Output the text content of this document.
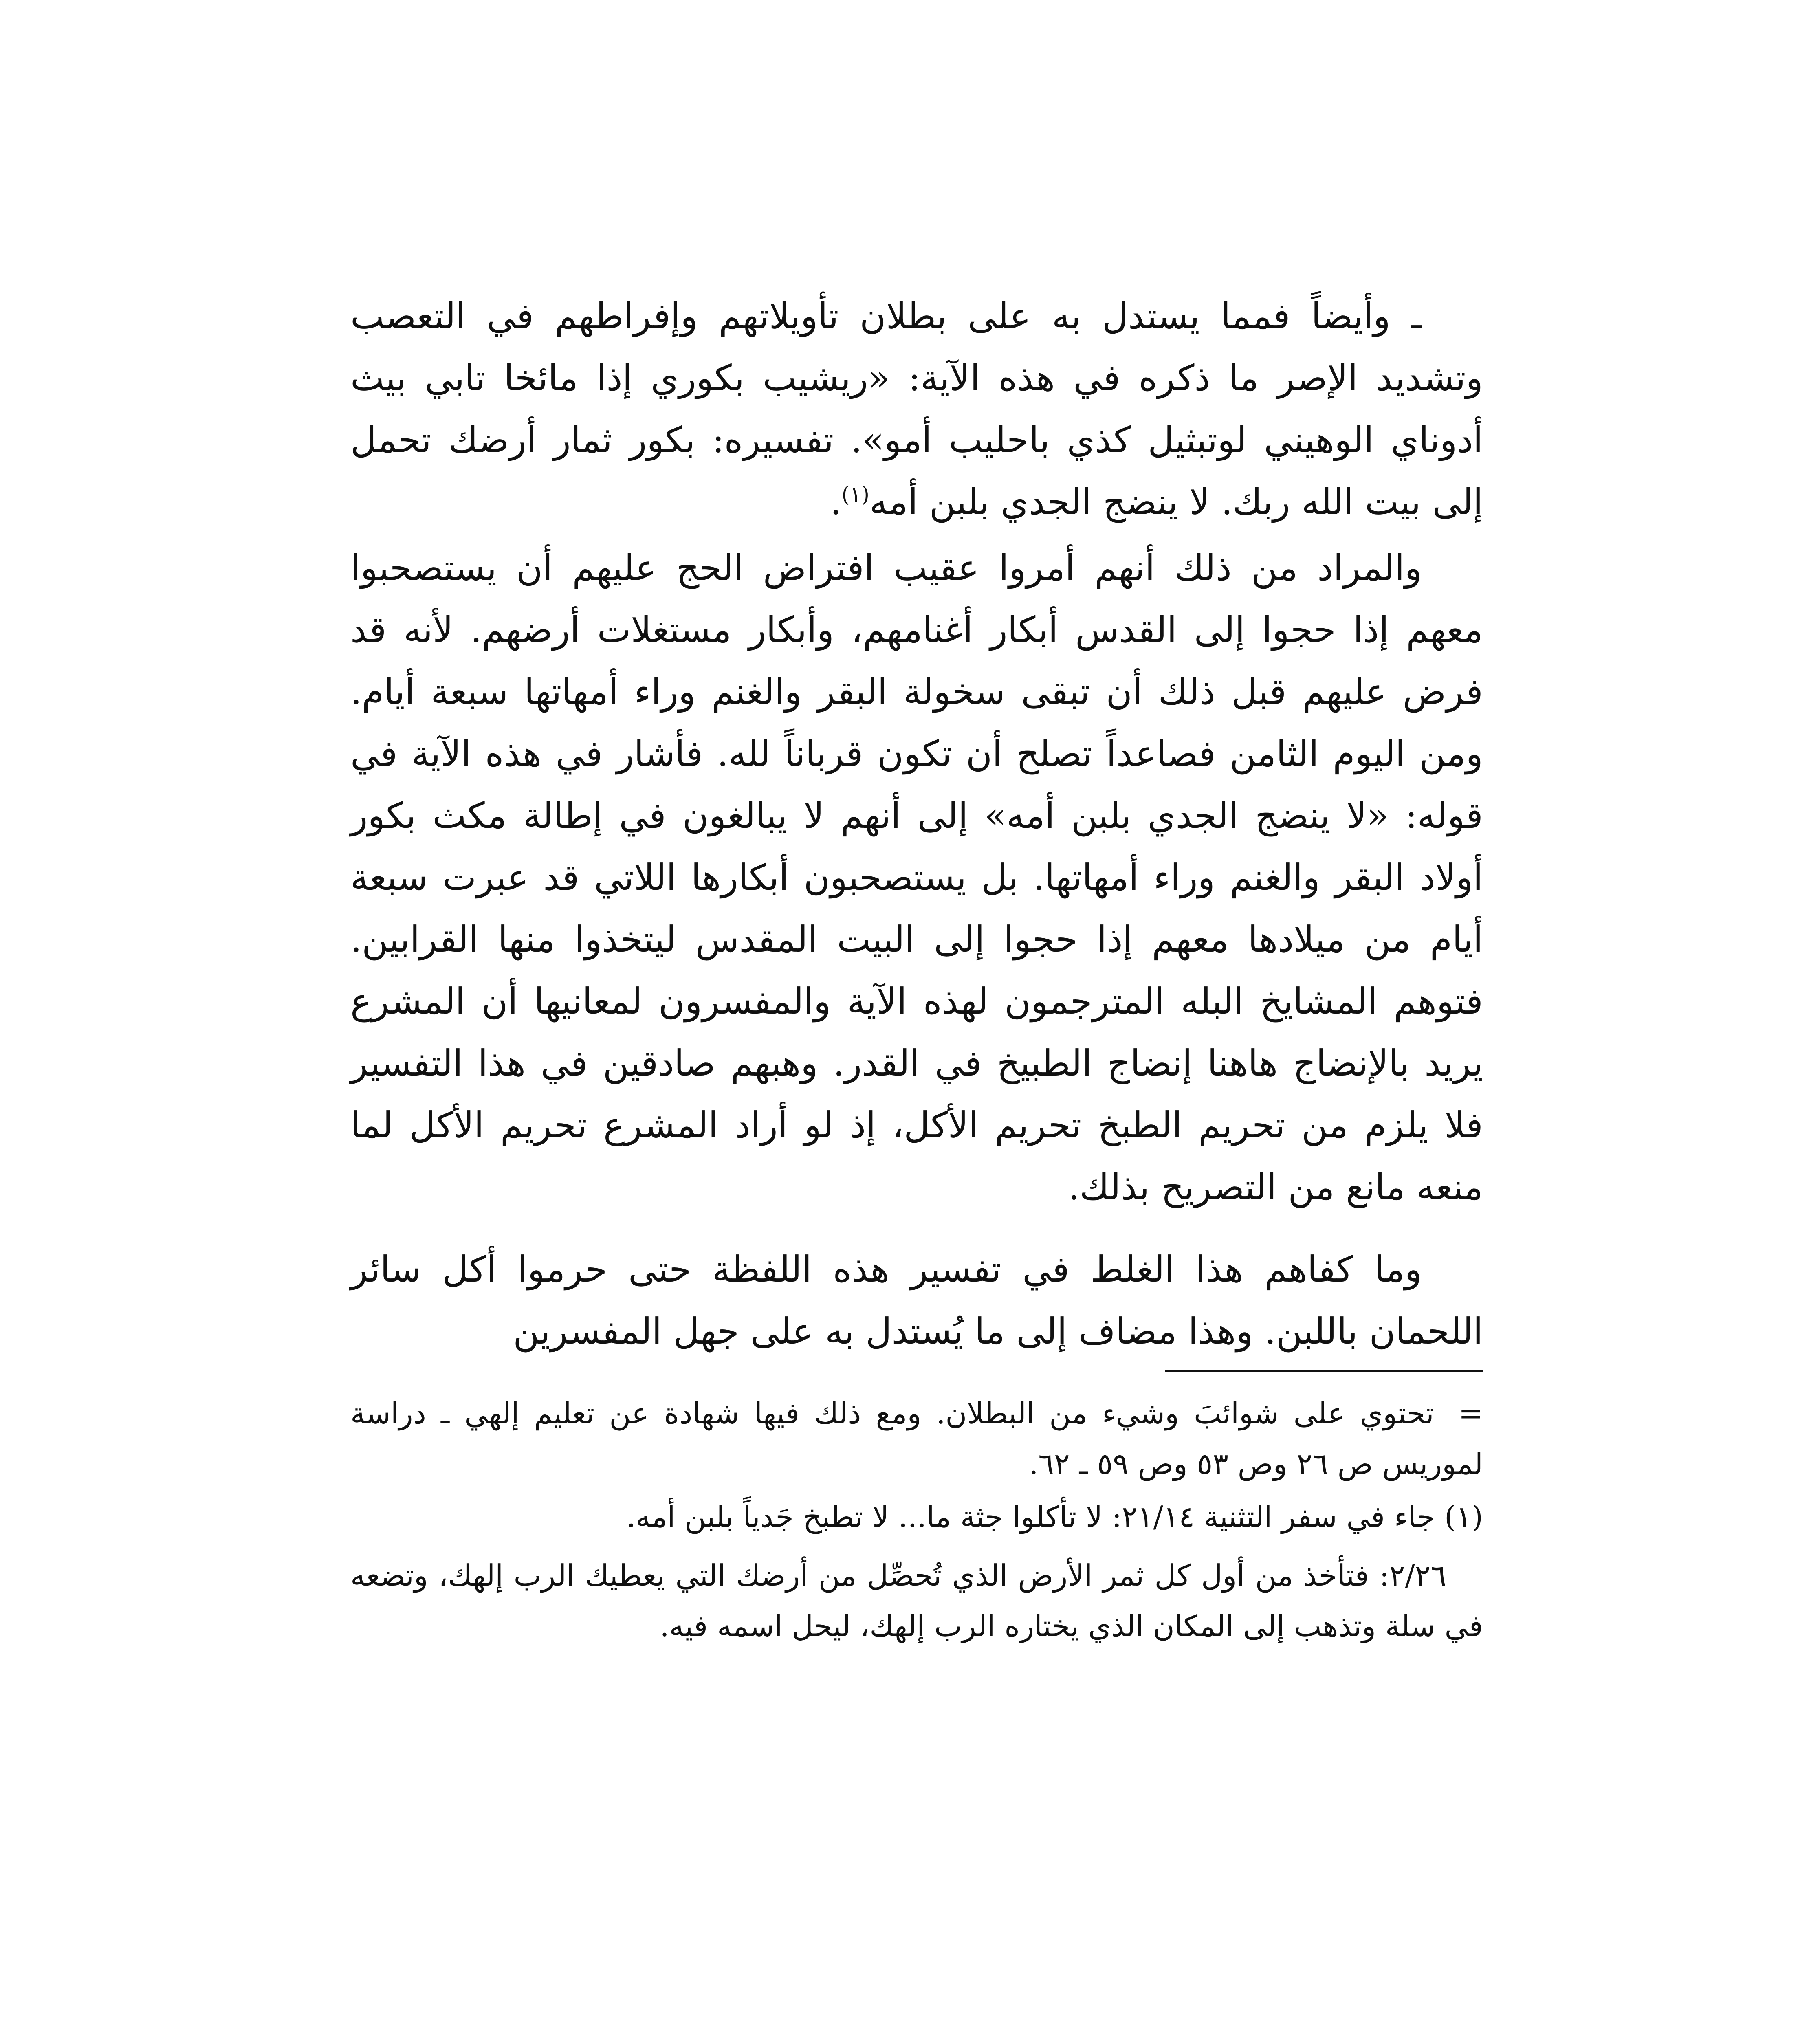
ـ وأيضاً فمما يستدل به على بطلان تأويلاتهم وإفراطهم في التعصب وتشديد الإصر ما ذكره في هذه الآية: «ريشيب بكوري إذا مائخا تابي بيث أدوناي الوهيني لوتبثيل كذي باحليب أمو». تفسيره: بكور ثمار أرضك تحمل إلى بيت الله ربك. لا ينضج الجدي بلبن أمه$^{(١)}$.

والمراد من ذلك أنهم أمروا عقيب افتراض الحج عليهم أن يستصحبوا معهم إذا حجوا إلى القدس أبكار أغنامهم، وأبكار مستغلات أرضهم. لأنه قد فرض عليهم قبل ذلك أن تبقى سخولة البقر والغنم وراء أمهاتها سبعة أيام. ومن اليوم الثامن فصاعداً تصلح أن تكون قرباناً لله. فأشار في هذه الآية في قوله: «لا ينضج الجدي بلبن أمه» إلى أنهم لا يبالغون في إطالة مكث بكور أولاد البقر والغنم وراء أمهاتها. بل يستصحبون أبكارها اللاتي قد عبرت سبعة أيام من ميلادها معهم إذا حجوا إلى البيت المقدس ليتخذوا منها القرابين. فتوهم المشايخ البله المترجمون لهذه الآية والمفسرون لمعانيها أن المشرع يريد بالإنضاج هاهنا إنضاج الطبيخ في القدر. وهبهم صادقين في هذا التفسير فلا يلزم من تحريم الطبخ تحريم الأكل، إذ لو أراد المشرع تحريم الأكل لما منعه مانع من التصريح بذلك.

وما كفاهم هذا الغلط في تفسير هذه اللفظة حتى حرموا أكل سائر اللحمان باللبن. وهذا مضاف إلى ما يُستدل به على جهل المفسرين

=تحتوي على شوائبَ وشيء من البطلان. ومع ذلك فيها شهادة عن تعليم إلهي ـ دراسة لموريس ص ٢٦ وص ٥٣ وص ٥٩ ـ ٦٢.

(١) جاء في سفر التثنية ٢١/١٤: لا تأكلوا جثة ما... لا تطبخ جَدياً بلبن أمه.

٢/٢٦: فتأخذ من أول كل ثمر الأرض الذي تُحصِّل من أرضك التي يعطيك الرب إلهك، وتضعه في سلة وتذهب إلى المكان الذي يختاره الرب إلهك، ليحل اسمه فيه.
